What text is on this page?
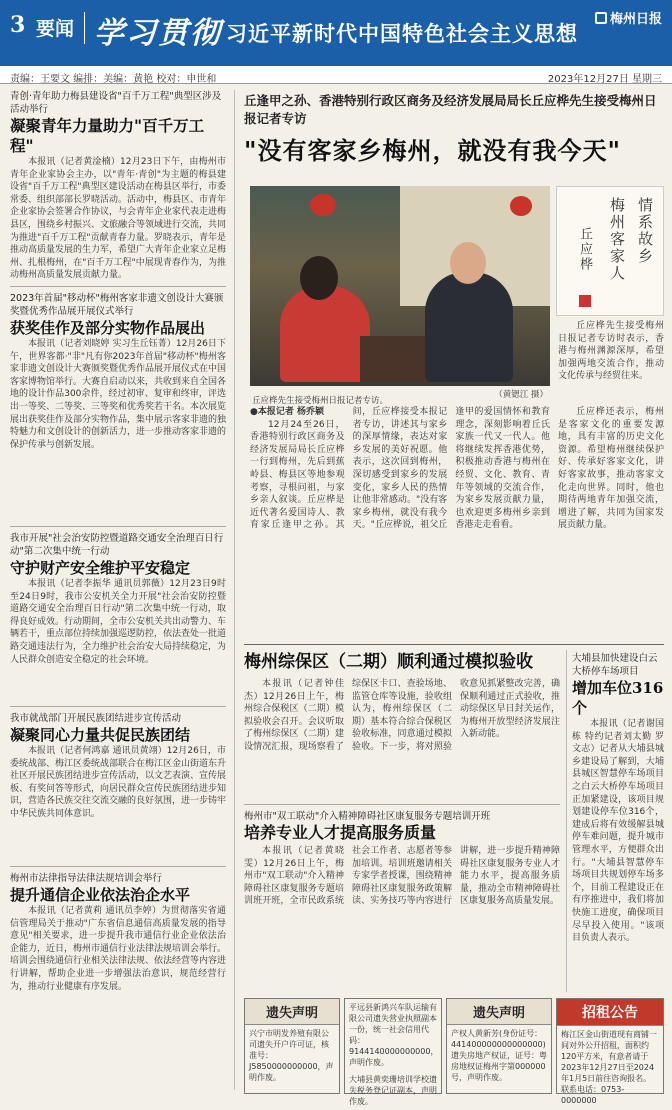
3 要闻 学习贯彻 习近平新时代中国特色社会主义思想
梅州日报
责编：王要文 编排：美编：黄艳 校对：申世和	2023年12月27日 星期三
青创·青年助力梅县建设省"百千万工程"典型区涉及活动举行
凝聚青年力量助力"百千万工程"

本报讯（记者黄淦楠）12月23日下午，由梅州市青年企业家协会主办，以"青年·青创"为主题的梅县建设省"百千万工程"典型区建设活动在梅县区举行，市委常委、组织部部长罗晓活动。活动中，梅县区、市青年企业家协会签署合作协议，与会青年企业家代表走进梅县区，围绕乡村振兴、文旅融合等领域进行交流，共同为推进"百千万工程"贡献青春力量。罗晓表示，青年是推动高质量发展的生力军，希望广大青年企业家立足梅州、扎根梅州，在"百千万工程"中展现青春作为，为推动梅州高质量发展贡献力量。

2023年首届"移动杯"梅州客家非遗文创设计大赛颁奖暨优秀作品展开展仪式举行
获奖佳作及部分实物作品展出

本报讯（记者刘晓婷 实习生丘钰菁）12月26日下午，世界客都·"非"凡有你2023年首届"移动杯"梅州客家非遗文创设计大赛颁奖暨优秀作品展开展仪式在中国客家博物馆举行。大赛自启动以来，共收到来自全国各地的设计作品300余件，经过初审、复审和终审，评选出一等奖、二等奖、三等奖和优秀奖若干名。本次展览展出获奖佳作及部分实物作品，集中展示客家非遗的独特魅力和文创设计的创新活力，进一步推动客家非遗的保护传承与创新发展。

我市开展"社会治安防控暨道路交通安全治理百日行动"第二次集中统一行动
守护财产安全维护平安稳定

本报讯（记者李振华 通讯员郭薇）12月23日9时至24日9时，我市公安机关全力开展"社会治安防控暨道路交通安全治理百日行动"第二次集中统一行动，取得良好成效。行动期间，全市公安机关共出动警力、车辆若干，重点部位持续加强巡逻防控，依法查处一批道路交通违法行为，全力维护社会治安大局持续稳定，为人民群众创造安全稳定的社会环境。

我市就战部门开展民族团结进步宣传活动
凝聚同心力量共促民族团结

本报讯（记者何鸿嘉 通讯员黄翊）12月26日，市委统战部、梅江区委统战部联合在梅江区金山街道东升社区开展民族团结进步宣传活动，以文艺表演、宣传展板、有奖问答等形式，向居民群众宣传民族团结进步知识，营造各民族交往交流交融的良好氛围，进一步铸牢中华民族共同体意识。

梅州市法律指导法律法规培训会举行
提升通信企业依法治企水平

本报讯（记者黄莉 通讯员李婷）为贯彻落实省通信管理局关于推动"广东省信息通信高质量发展的指导意见"相关要求，进一步提升我市通信行业企业依法治企能力，近日，梅州市通信行业法律法规培训会举行。培训会围绕通信行业相关法律法规、依法经营等内容进行讲解，帮助企业进一步增强法治意识，规范经营行为，推动行业健康有序发展。

丘逢甲之孙、香港特别行政区商务及经济发展局局长丘应桦先生接受梅州日报记者专访
"没有客家乡梅州，就没有我今天"
丘应桦先生接受梅州日报记者专访。
（黄锶江 摄）
情系故乡
梅州客家人
丘应桦

丘应桦先生接受梅州日报记者专访时表示，香港与梅州渊源深厚，希望加强两地交流合作，推动文化传承与经贸往来。

●本报记者 杨乔颖

12月24至26日，香港特别行政区商务及经济发展局局长丘应桦一行到梅州，先后到蕉岭县、梅县区等地参观考察，寻根问祖，与家乡亲人叙谈。丘应桦是近代著名爱国诗人、教育家丘逢甲之孙。其间，丘应桦接受本报记者专访，讲述其与家乡的深厚情缘，表达对家乡发展的美好祝愿。他表示，这次回到梅州，深切感受到家乡的发展变化，家乡人民的热情让他非常感动。"没有客家乡梅州，就没有我今天。"丘应桦说，祖父丘逢甲的爱国情怀和教育理念，深刻影响着丘氏家族一代又一代人。他将继续发挥香港优势，积极推动香港与梅州在经贸、文化、教育、青年等领域的交流合作，为家乡发展贡献力量，也欢迎更多梅州乡亲到香港走走看看。

丘应桦还表示，梅州是客家文化的重要发源地，具有丰富的历史文化资源。希望梅州继续保护好、传承好客家文化，讲好客家故事，推动客家文化走向世界。同时，他也期待两地青年加强交流，增进了解，共同为国家发展贡献力量。

梅州综保区（二期）顺利通过模拟验收

本报讯（记者钟佳杰）12月26日上午，梅州综合保税区（二期）模拟验收会召开。会议听取了梅州综保区（二期）建设情况汇报，现场察看了综保区卡口、查验场地、监管仓库等设施，验收组认为，梅州综保区（二期）基本符合综合保税区验收标准，同意通过模拟验收。下一步，将对照验收意见抓紧整改完善，确保顺利通过正式验收，推动综保区早日封关运作，为梅州开放型经济发展注入新动能。

梅州市"双工联动"介入精神障碍社区康复服务专题培训开班
培养专业人才提高服务质量

本报讯（记者黄晓雯）12月26日上午，梅州市"双工联动"介入精神障碍社区康复服务专题培训班开班，全市民政系统社会工作者、志愿者等参加培训。培训班邀请相关专家学者授课，围绕精神障碍社区康复服务政策解读、实务技巧等内容进行讲解，进一步提升精神障碍社区康复服务专业人才能力水平，提高服务质量，推动全市精神障碍社区康复服务高质量发展。

大埔县加快建设白云大桥停车场项目
增加车位316个

本报讯（记者谢国栋 特约记者刘太勤 罗文志）记者从大埔县城乡建设局了解到，大埔县城区智慧停车场项目之白云大桥停车场项目正加紧建设，该项目规划建设停车位316个，建成后将有效缓解县城停车难问题，提升城市管理水平，方便群众出行。"大埔县智慧停车场项目共规划停车场多个，目前工程建设正在有序推进中，我们将加快施工进度，确保项目尽早投入使用。"该项目负责人表示。

遗失声明
兴宁市明发养殖有限公司遗失开户许可证，核准号：J5850000000000，声明作废。
平远县新鸿兴车队运输有限公司遗失营业执照副本一份，统一社会信用代码：9144140000000000，声明作废。
大埔县黄奕珊培训学校遗失税务登记证副本，声明作废。
遗失声明
产权人黄新芳(身份证号：441400000000000000)遗失房地产权证，证号：粤房地权证梅州字第000000号，声明作废。
招租公告
梅江区金山街道现有商铺一间对外公开招租，面积约120平方米，有意者请于2023年12月27日至2024年1月5日前往咨询报名。联系电话：0753-0000000
